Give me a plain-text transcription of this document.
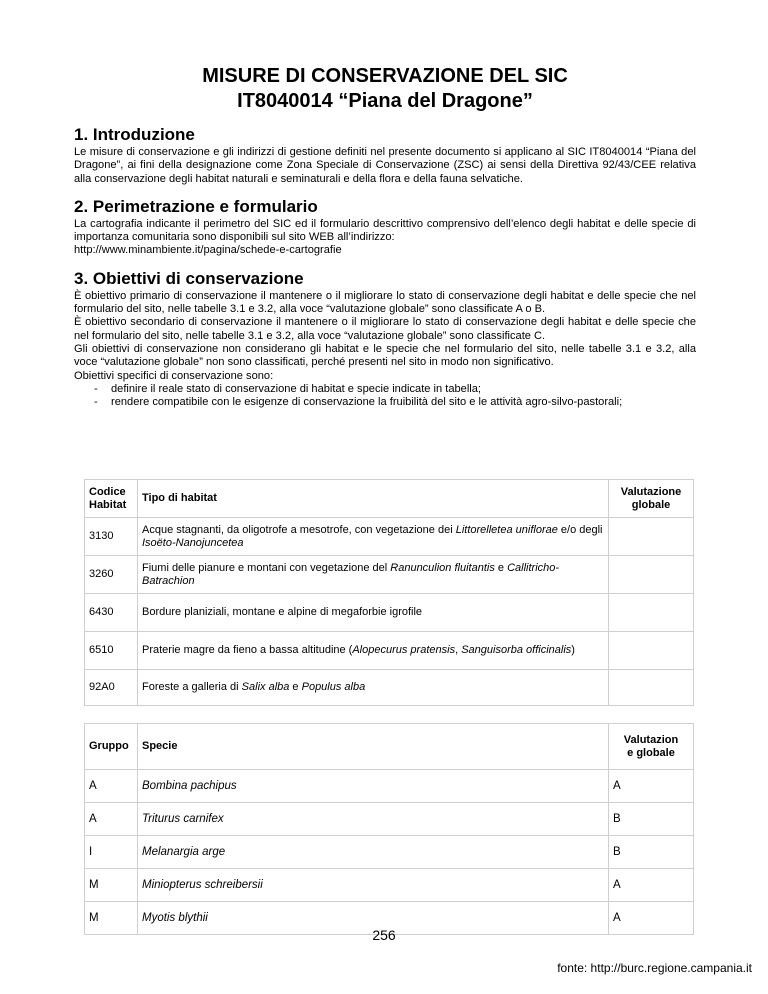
MISURE DI CONSERVAZIONE DEL SIC

IT8040014 “Piana del Dragone”

1. Introduzione

Le misure di conservazione e gli indirizzi di gestione definiti nel presente documento si applicano al SIC IT8040014 “Piana del Dragone”, ai fini della designazione come Zona Speciale di Conservazione (ZSC) ai sensi della Direttiva 92/43/CEE relativa alla conservazione degli habitat naturali e seminaturali e della flora e della fauna selvatiche.

2. Perimetrazione e formulario

La cartografia indicante il perimetro del SIC ed il formulario descrittivo comprensivo dell’elenco degli habitat e delle specie di importanza comunitaria sono disponibili sul sito WEB all’indirizzo:

http://www.minambiente.it/pagina/schede-e-cartografie

3. Obiettivi di conservazione

È obiettivo primario di conservazione il mantenere o il migliorare lo stato di conservazione degli habitat e delle specie che nel formulario del sito, nelle tabelle 3.1 e 3.2, alla voce “valutazione globale” sono classificate A o B.

È obiettivo secondario di conservazione il mantenere o il migliorare lo stato di conservazione degli habitat e delle specie che nel formulario del sito, nelle tabelle 3.1 e 3.2, alla voce “valutazione globale” sono classificate C.

Gli obiettivi di conservazione non considerano gli habitat e le specie che nel formulario del sito, nelle tabelle 3.1 e 3.2, alla voce “valutazione globale” non sono classificati, perché presenti nel sito in modo non significativo.

Obiettivi specifici di conservazione sono:

- definire il reale stato di conservazione di habitat e specie indicate in tabella;
- rendere compatibile con le esigenze di conservazione la fruibilità del sito e le attività agro-silvo-pastorali;
Codice
Habitat	Tipo di habitat	Valutazione
globale
3130	Acque stagnanti, da oligotrofe a mesotrofe, con vegetazione dei Littorelletea uniflorae e/o degli Isoëto-Nanojuncetea	
3260	Fiumi delle pianure e montani con vegetazione del Ranunculion fluitantis e Callitricho-Batrachion	
6430	Bordure planiziali, montane e alpine di megaforbie igrofile	
6510	Praterie magre da fieno a bassa altitudine (Alopecurus pratensis, Sanguisorba officinalis)	
92A0	Foreste a galleria di Salix alba e Populus alba	
Gruppo	Specie	Valutazion
e globale
A	Bombina pachipus	A
A	Triturus carnifex	B
I	Melanargia arge	B
M	Miniopterus schreibersii	A
M	Myotis blythii	A
256
fonte: http://burc.regione.campania.it
